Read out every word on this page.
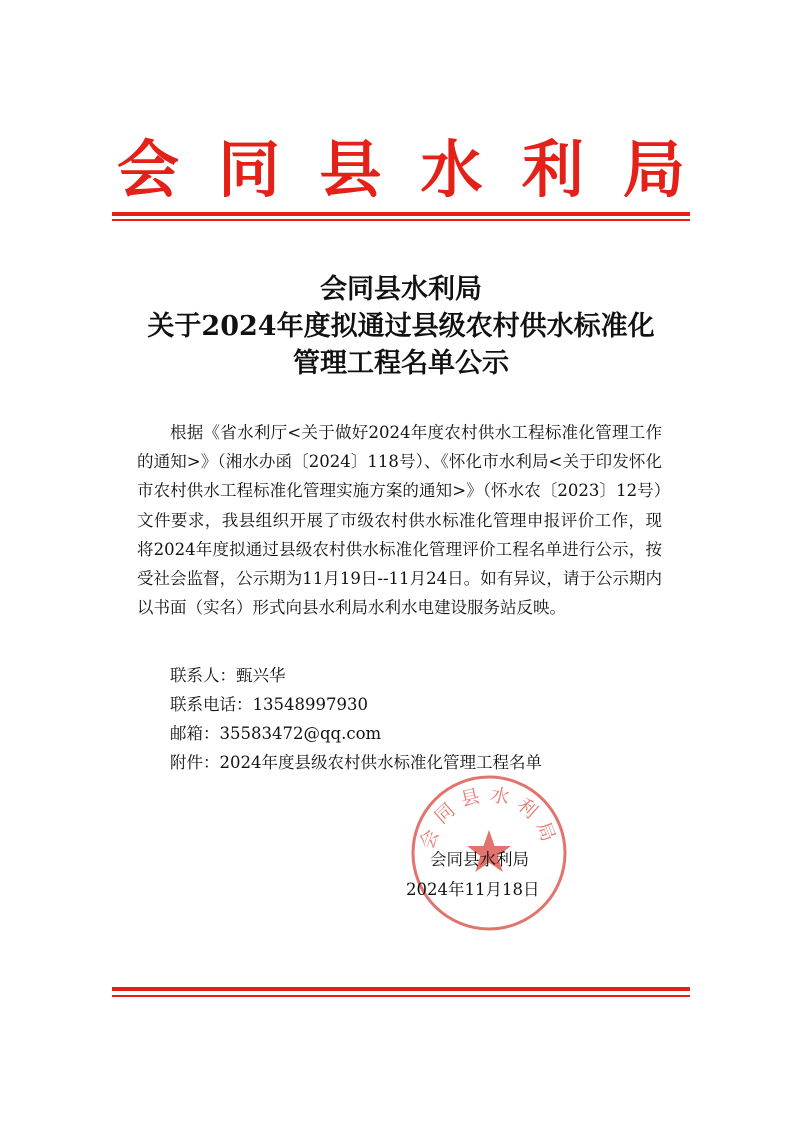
会 同 县 水 利 局
会同县水利局
关于2024年度拟通过县级农村供水标准化
管理工程名单公示

根据《省水利厅<关于做好2024年度农村供水工程标准化管理工作的通知>》（湘水办函〔2024〕118号）、《怀化市水利局<关于印发怀化市农村供水工程标准化管理实施方案的通知>》（怀水农〔2023〕12号）文件要求，我县组织开展了市级农村供水标准化管理申报评价工作，现将2024年度拟通过县级农村供水标准化管理评价工程名单进行公示，按受社会监督，公示期为11月19日--11月24日。如有异议，请于公示期内以书面（实名）形式向县水利局水利水电建设服务站反映。

联系人：甄兴华
联系电话：13548997930
邮箱：35583472@qq.com
附件：2024年度县级农村供水标准化管理工程名单
会同县水利局
会同县水利局
2024年11月18日
